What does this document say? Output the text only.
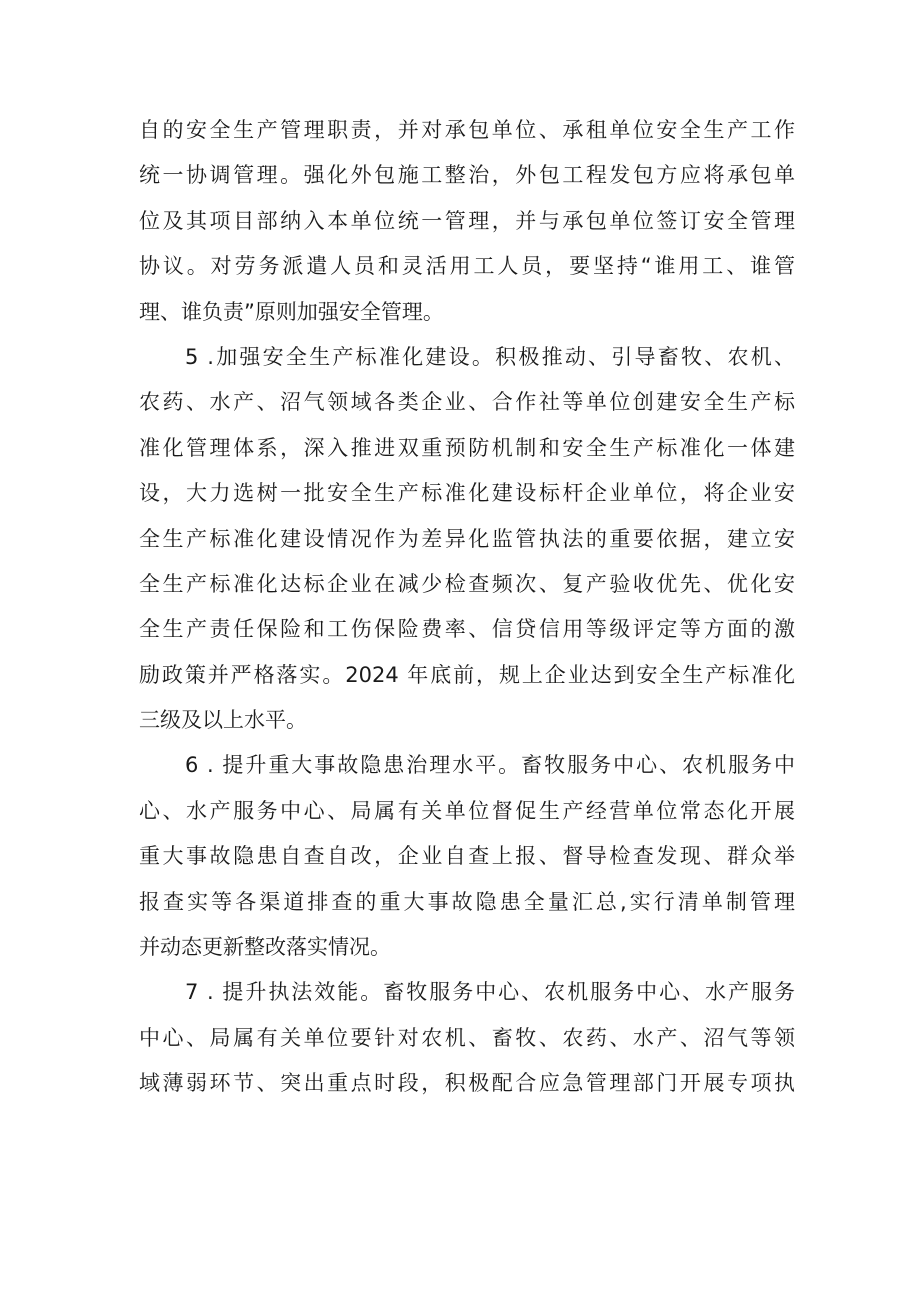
自的安全生产管理职责，并对承包单位、承租单位安全生产工作
统一协调管理。强化外包施工整治，外包工程发包方应将承包单
位及其项目部纳入本单位统一管理，并与承包单位签订安全管理
协议。对劳务派遣人员和灵活用工人员，要坚持“谁用工、谁管
理、谁负责”原则加强安全管理。
5 .加强安全生产标准化建设。积极推动、引导畜牧、农机、
农药、水产、沼气领域各类企业、合作社等单位创建安全生产标
准化管理体系，深入推进双重预防机制和安全生产标准化一体建
设，大力选树一批安全生产标准化建设标杆企业单位，将企业安
全生产标准化建设情况作为差异化监管执法的重要依据，建立安
全生产标准化达标企业在减少检查频次、复产验收优先、优化安
全生产责任保险和工伤保险费率、信贷信用等级评定等方面的激
励政策并严格落实。2024 年底前，规上企业达到安全生产标准化
三级及以上水平。
6 . 提升重大事故隐患治理水平。畜牧服务中心、农机服务中
心、水产服务中心、局属有关单位督促生产经营单位常态化开展
重大事故隐患自查自改，企业自查上报、督导检查发现、群众举
报查实等各渠道排查的重大事故隐患全量汇总,实行清单制管理
并动态更新整改落实情况。
7 . 提升执法效能。畜牧服务中心、农机服务中心、水产服务
中心、局属有关单位要针对农机、畜牧、农药、水产、沼气等领
域薄弱环节、突出重点时段，积极配合应急管理部门开展专项执
